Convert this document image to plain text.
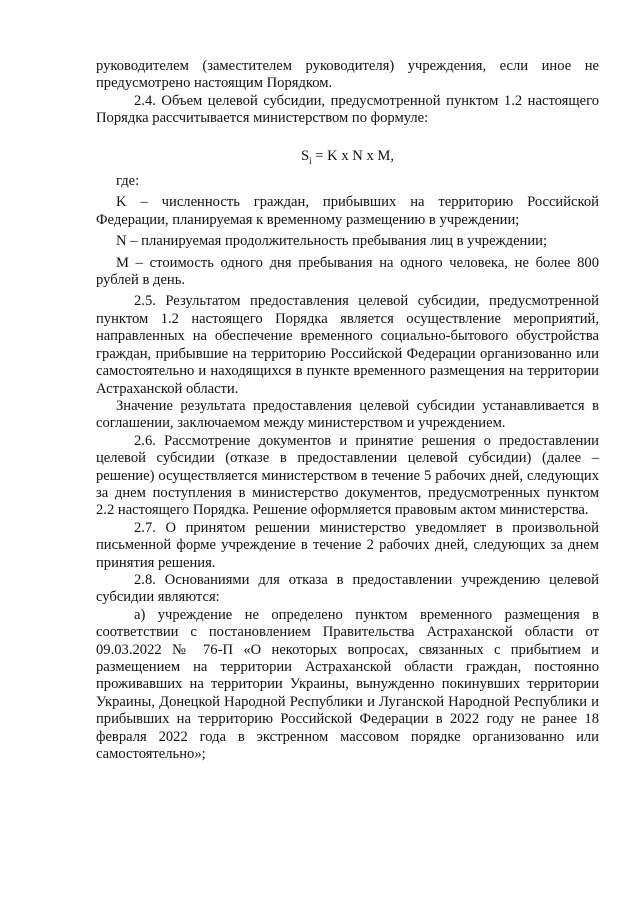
руководителем (заместителем руководителя) учреждения, если иное не предусмотрено настоящим Порядком.

2.4. Объем целевой субсидии, предусмотренной пунктом 1.2 настоящего Порядка рассчитывается министерством по формуле:

$S_i = K$ x N x M,

где:

K – численность граждан, прибывших на территорию Российской Федерации, планируемая к временному размещению в учреждении;

N – планируемая продолжительность пребывания лиц в учреждении;

M – стоимость одного дня пребывания на одного человека, не более 800 рублей в день.

2.5. Результатом предоставления целевой субсидии, предусмотренной пунктом 1.2 настоящего Порядка является осуществление мероприятий, направленных на обеспечение временного социально-бытового обустройства граждан, прибывшие на территорию Российской Федерации организованно или самостоятельно и находящихся в пункте временного размещения на территории Астраханской области.

Значение результата предоставления целевой субсидии устанавливается в соглашении, заключаемом между министерством и учреждением.

2.6. Рассмотрение документов и принятие решения о предоставлении целевой субсидии (отказе в предоставлении целевой субсидии) (далее – решение) осуществляется министерством в течение 5 рабочих дней, следующих за днем поступления в министерство документов, предусмотренных пунктом 2.2 настоящего Порядка. Решение оформляется правовым актом министерства.

2.7. О принятом решении министерство уведомляет в произвольной письменной форме учреждение в течение 2 рабочих дней, следующих за днем принятия решения.

2.8. Основаниями для отказа в предоставлении учреждению целевой субсидии являются:

а) учреждение не определено пунктом временного размещения в соответствии с постановлением Правительства Астраханской области от 09.03.2022 № 76-П «О некоторых вопросах, связанных с прибытием и размещением на территории Астраханской области граждан, постоянно проживавших на территории Украины, вынужденно покинувших территории Украины, Донецкой Народной Республики и Луганской Народной Республики и прибывших на территорию Российской Федерации в 2022 году не ранее 18 февраля 2022 года в экстренном массовом порядке организованно или самостоятельно»;
